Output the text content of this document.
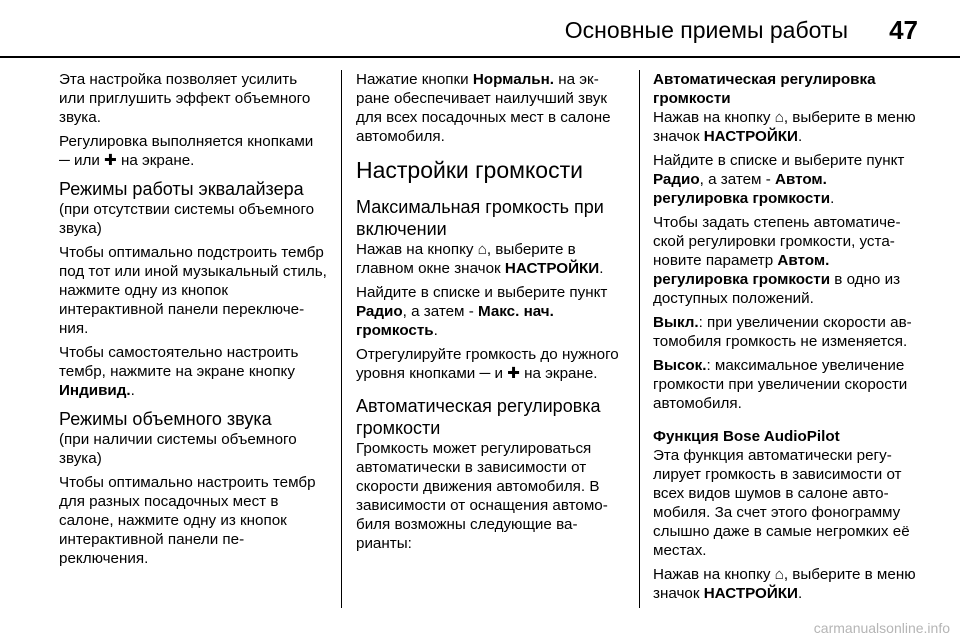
Основные приемы работы 47

Эта настройка позволяет усилить или приглушить эффект объемного звука.

Регулировка выполняется кнопками ─ или ✚ на экране.

Режимы работы эквалайзера

(при отсутствии системы объемного звука)

Чтобы оптимально подстроить тембр под тот или иной музыкальный стиль, нажмите одну из кнопок интерактивной панели переключения.

Чтобы самостоятельно настроить тембр, нажмите на экране кнопку Индивид..

Режимы объемного звука

(при наличии системы объемного звука)

Чтобы оптимально настроить тембр для разных посадочных мест в салоне, нажмите одну из кнопок интерактивной панели переключения.

Нажатие кнопки Нормальн. на экране обеспечивает наилучший звук для всех посадочных мест в салоне автомобиля.

Настройки громкости
Максимальная громкость при включении

Нажав на кнопку ⌂, выберите в главном окне значок НАСТРОЙКИ.

Найдите в списке и выберите пункт Радио, а затем - Макс. нач. громкость.

Отрегулируйте громкость до нужного уровня кнопками ─ и ✚ на экране.

Автоматическая регулировка громкости

Громкость может регулироваться автоматически в зависимости от скорости движения автомобиля. В зависимости от оснащения автомобиля возможны следующие варианты:

Автоматическая регулировка громкости

Нажав на кнопку ⌂, выберите в меню значок НАСТРОЙКИ.

Найдите в списке и выберите пункт Радио, а затем - Автом. регулировка громкости.

Чтобы задать степень автоматической регулировки громкости, установите параметр Автом. регулировка громкости в одно из доступных положений.

Выкл.: при увеличении скорости автомобиля громкость не изменяется.

Высок.: максимальное увеличение громкости при увеличении скорости автомобиля.

Функция Bose AudioPilot

Эта функция автоматически регулирует громкость в зависимости от всех видов шумов в салоне автомобиля. За счет этого фонограмму слышно даже в самые негромких её местах.

Нажав на кнопку ⌂, выберите в меню значок НАСТРОЙКИ.

carmanualsonline.info
